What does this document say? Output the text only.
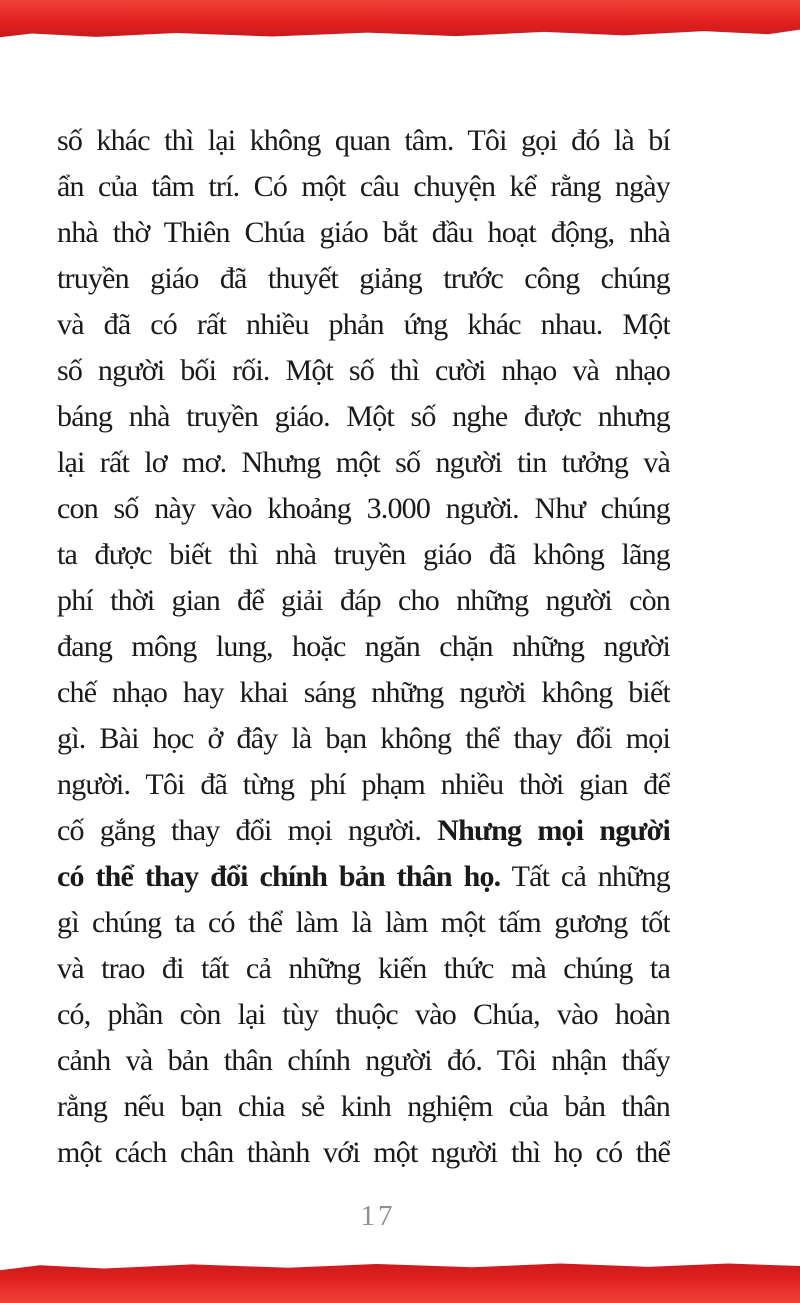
số khác thì lại không quan tâm. Tôi gọi đó là bí
ẩn của tâm trí. Có một câu chuyện kể rằng ngày
nhà thờ Thiên Chúa giáo bắt đầu hoạt động, nhà
truyền giáo đã thuyết giảng trước công chúng
và đã có rất nhiều phản ứng khác nhau. Một
số người bối rối. Một số thì cười nhạo và nhạo
báng nhà truyền giáo. Một số nghe được nhưng
lại rất lơ mơ. Nhưng một số người tin tưởng và
con số này vào khoảng 3.000 người. Như chúng
ta được biết thì nhà truyền giáo đã không lãng
phí thời gian để giải đáp cho những người còn
đang mông lung, hoặc ngăn chặn những người
chế nhạo hay khai sáng những người không biết
gì. Bài học ở đây là bạn không thể thay đổi mọi
người. Tôi đã từng phí phạm nhiều thời gian để
cố gắng thay đổi mọi người. Nhưng mọi người
có thể thay đổi chính bản thân họ. Tất cả những
gì chúng ta có thể làm là làm một tấm gương tốt
và trao đi tất cả những kiến thức mà chúng ta
có, phần còn lại tùy thuộc vào Chúa, vào hoàn
cảnh và bản thân chính người đó. Tôi nhận thấy
rằng nếu bạn chia sẻ kinh nghiệm của bản thân
một cách chân thành với một người thì họ có thể
17
